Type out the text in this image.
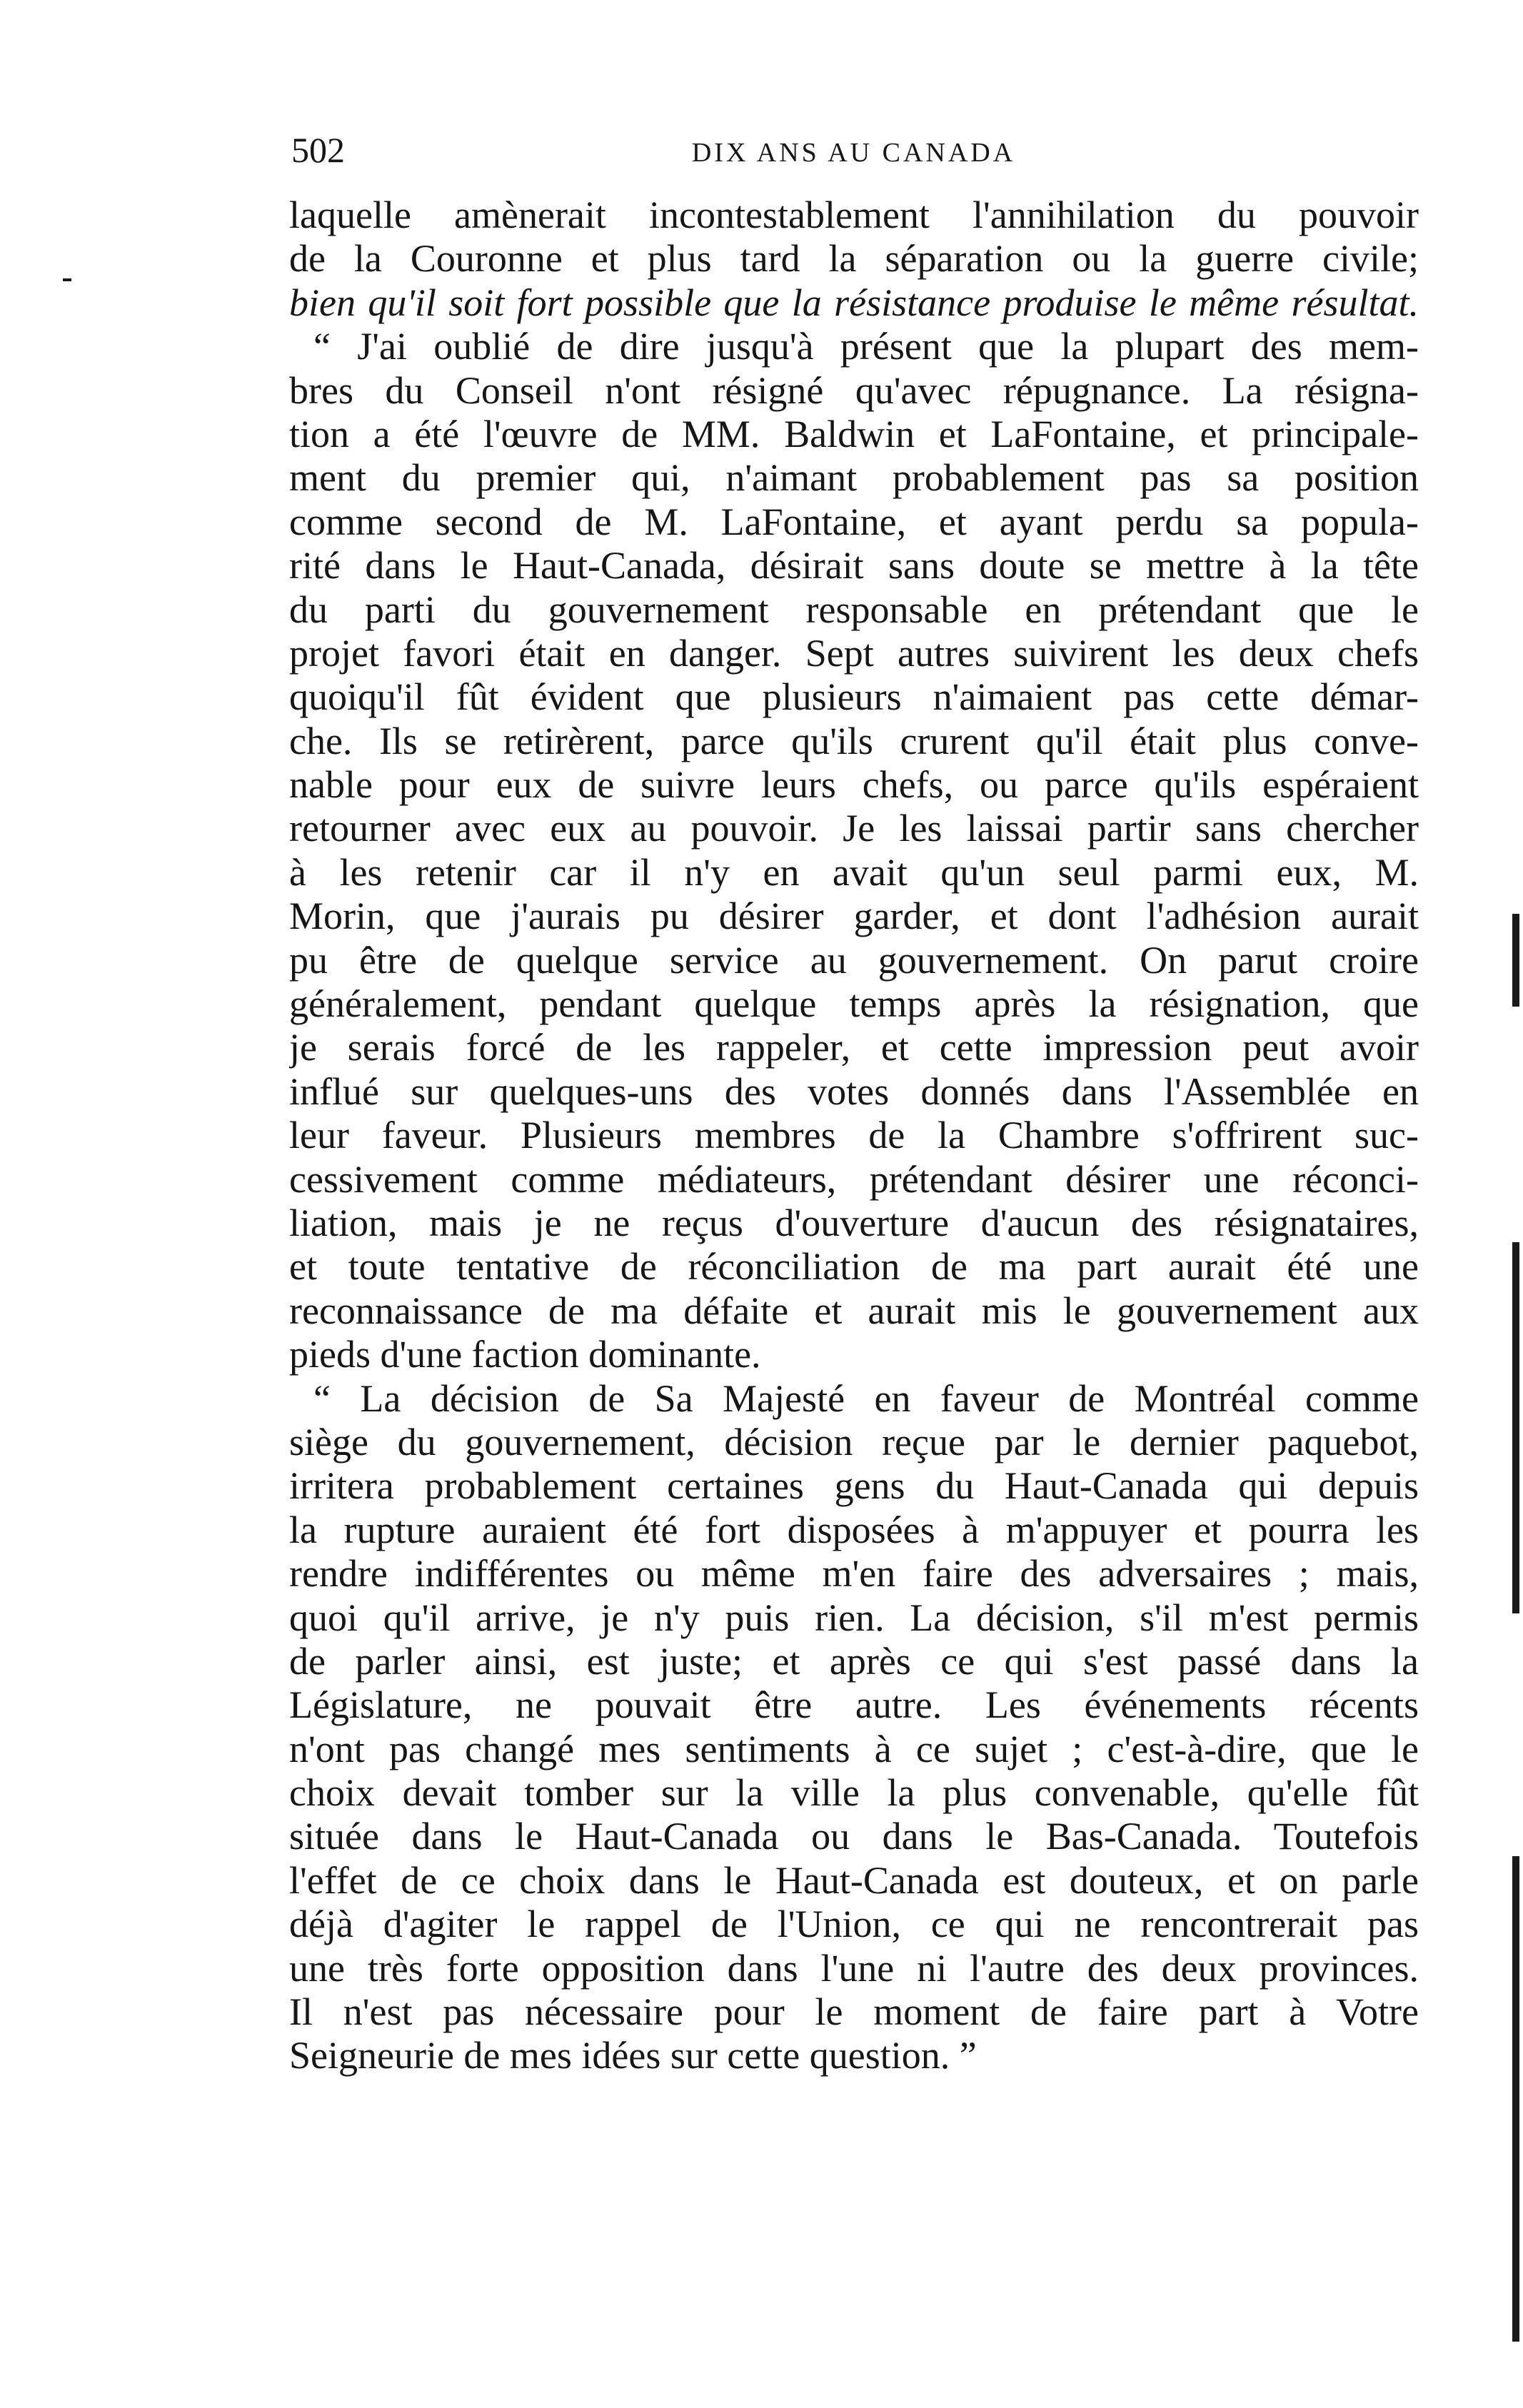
502	DIX ANS AU CANADA
laquelle amènerait incontestablement l'annihilation du pouvoir
de la Couronne et plus tard la séparation ou la guerre civile;
bien qu'il soit fort possible que la résistance produise le même résultat.
“ J'ai oublié de dire jusqu'à présent que la plupart des mem-
bres du Conseil n'ont résigné qu'avec répugnance. La résigna-
tion a été l'œuvre de MM. Baldwin et LaFontaine, et principale-
ment du premier qui, n'aimant probablement pas sa position
comme second de M. LaFontaine, et ayant perdu sa popula-
rité dans le Haut-Canada, désirait sans doute se mettre à la tête
du parti du gouvernement responsable en prétendant que le
projet favori était en danger. Sept autres suivirent les deux chefs
quoiqu'il fût évident que plusieurs n'aimaient pas cette démar-
che. Ils se retirèrent, parce qu'ils crurent qu'il était plus conve-
nable pour eux de suivre leurs chefs, ou parce qu'ils espéraient
retourner avec eux au pouvoir. Je les laissai partir sans chercher
à les retenir car il n'y en avait qu'un seul parmi eux, M.
Morin, que j'aurais pu désirer garder, et dont l'adhésion aurait
pu être de quelque service au gouvernement. On parut croire
généralement, pendant quelque temps après la résignation, que
je serais forcé de les rappeler, et cette impression peut avoir
influé sur quelques-uns des votes donnés dans l'Assemblée en
leur faveur. Plusieurs membres de la Chambre s'offrirent suc-
cessivement comme médiateurs, prétendant désirer une réconci-
liation, mais je ne reçus d'ouverture d'aucun des résignataires,
et toute tentative de réconciliation de ma part aurait été une
reconnaissance de ma défaite et aurait mis le gouvernement aux
pieds d'une faction dominante.
“ La décision de Sa Majesté en faveur de Montréal comme
siège du gouvernement, décision reçue par le dernier paquebot,
irritera probablement certaines gens du Haut-Canada qui depuis
la rupture auraient été fort disposées à m'appuyer et pourra les
rendre indifférentes ou même m'en faire des adversaires ; mais,
quoi qu'il arrive, je n'y puis rien. La décision, s'il m'est permis
de parler ainsi, est juste; et après ce qui s'est passé dans la
Législature, ne pouvait être autre. Les événements récents
n'ont pas changé mes sentiments à ce sujet ; c'est-à-dire, que le
choix devait tomber sur la ville la plus convenable, qu'elle fût
située dans le Haut-Canada ou dans le Bas-Canada. Toutefois
l'effet de ce choix dans le Haut-Canada est douteux, et on parle
déjà d'agiter le rappel de l'Union, ce qui ne rencontrerait pas
une très forte opposition dans l'une ni l'autre des deux provinces.
Il n'est pas nécessaire pour le moment de faire part à Votre
Seigneurie de mes idées sur cette question. ”
